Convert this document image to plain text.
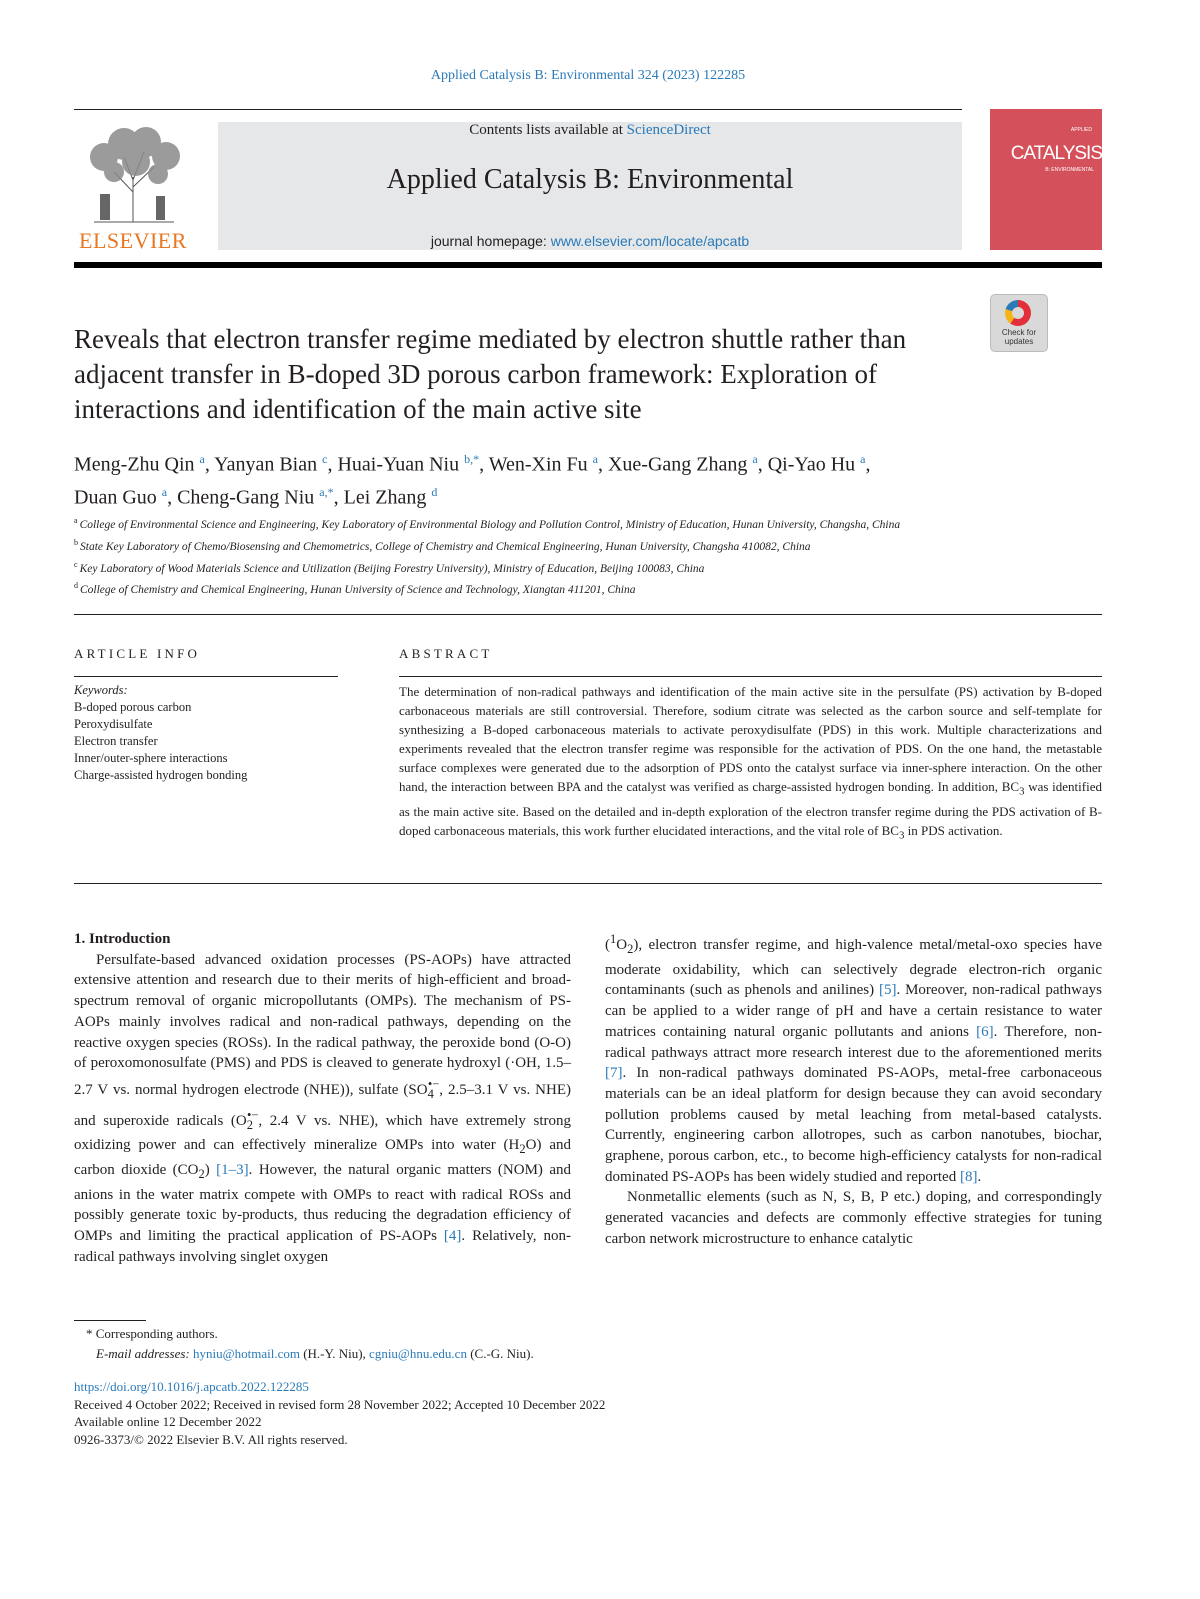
Applied Catalysis B: Environmental 324 (2023) 122285
ELSEVIER
Contents lists available at ScienceDirect
Applied Catalysis B: Environmental
journal homepage: www.elsevier.com/locate/apcatb
APPLIED
CATALYSIS
B: ENVIRONMENTAL
Check for
updates
Reveals that electron transfer regime mediated by electron shuttle rather than adjacent transfer in B-doped 3D porous carbon framework: Exploration of interactions and identification of the main active site
Meng-Zhu Qin $^a$, Yanyan Bian $^c$, Huai-Yuan Niu $^{b,*}$, Wen-Xin Fu $^a$, Xue-Gang Zhang $^a$, Qi-Yao Hu $^a$,
Duan Guo $^a$, Cheng-Gang Niu $^{a,*}$, Lei Zhang $^d$
$^a$ College of Environmental Science and Engineering, Key Laboratory of Environmental Biology and Pollution Control, Ministry of Education, Hunan University, Changsha, China
$^b$ State Key Laboratory of Chemo/Biosensing and Chemometrics, College of Chemistry and Chemical Engineering, Hunan University, Changsha 410082, China
$^c$ Key Laboratory of Wood Materials Science and Utilization (Beijing Forestry University), Ministry of Education, Beijing 100083, China
$^d$ College of Chemistry and Chemical Engineering, Hunan University of Science and Technology, Xiangtan 411201, China
ARTICLE INFO	ABSTRACT
Keywords:
B-doped porous carbon
Peroxydisulfate
Electron transfer
Inner/outer-sphere interactions
Charge-assisted hydrogen bonding
The determination of non-radical pathways and identification of the main active site in the persulfate (PS) activation by B-doped carbonaceous materials are still controversial. Therefore, sodium citrate was selected as the carbon source and self-template for synthesizing a B-doped carbonaceous materials to activate peroxydisulfate (PDS) in this work. Multiple characterizations and experiments revealed that the electron transfer regime was responsible for the activation of PDS. On the one hand, the metastable surface complexes were generated due to the adsorption of PDS onto the catalyst surface via inner-sphere interaction. On the other hand, the interaction between BPA and the catalyst was verified as charge-assisted hydrogen bonding. In addition, $BC_3$ was identified as the main active site. Based on the detailed and in-depth exploration of the electron transfer regime during the PDS activation of B-doped carbonaceous materials, this work further elucidated interactions, and the vital role of $BC_3$ in PDS activation.

1. Introduction

Persulfate-based advanced oxidation processes (PS-AOPs) have attracted extensive attention and research due to their merits of high-efficient and broad-spectrum removal of organic micropollutants (OMPs). The mechanism of PS-AOPs mainly involves radical and non-radical pathways, depending on the reactive oxygen species (ROSs). In the radical pathway, the peroxide bond (O-O) of peroxomonosulfate (PMS) and PDS is cleaved to generate hydroxyl (·OH, 1.5–2.7 V vs. normal hydrogen electrode (NHE)), sulfate ($SO_4^{•-}$, 2.5–3.1 V vs. NHE) and superoxide radicals ($O_2^{•-}$, 2.4 V vs. NHE), which have extremely strong oxidizing power and can effectively mineralize OMPs into water $(H_2O)$ and carbon dioxide $(CO_2)$ [1–3]. However, the natural organic matters (NOM) and anions in the water matrix compete with OMPs to react with radical ROSs and possibly generate toxic by-products, thus reducing the degradation efficiency of OMPs and limiting the practical application of PS-AOPs [4]. Relatively, non-radical pathways involving singlet oxygen

$(^1O_2)$, electron transfer regime, and high-valence metal/metal-oxo species have moderate oxidability, which can selectively degrade electron-rich organic contaminants (such as phenols and anilines) [5]. Moreover, non-radical pathways can be applied to a wider range of pH and have a certain resistance to water matrices containing natural organic pollutants and anions [6]. Therefore, non-radical pathways attract more research interest due to the aforementioned merits [7]. In non-radical pathways dominated PS-AOPs, metal-free carbonaceous materials can be an ideal platform for design because they can avoid secondary pollution problems caused by metal leaching from metal-based catalysts. Currently, engineering carbon allotropes, such as carbon nanotubes, biochar, graphene, porous carbon, etc., to become high-efficiency catalysts for non-radical dominated PS-AOPs has been widely studied and reported [8].

Nonmetallic elements (such as N, S, B, P etc.) doping, and correspondingly generated vacancies and defects are commonly effective strategies for tuning carbon network microstructure to enhance catalytic

* Corresponding authors.
E-mail addresses: hyniu@hotmail.com (H.-Y. Niu), cgniu@hnu.edu.cn (C.-G. Niu).
https://doi.org/10.1016/j.apcatb.2022.122285
Received 4 October 2022; Received in revised form 28 November 2022; Accepted 10 December 2022
Available online 12 December 2022
0926-3373/© 2022 Elsevier B.V. All rights reserved.
